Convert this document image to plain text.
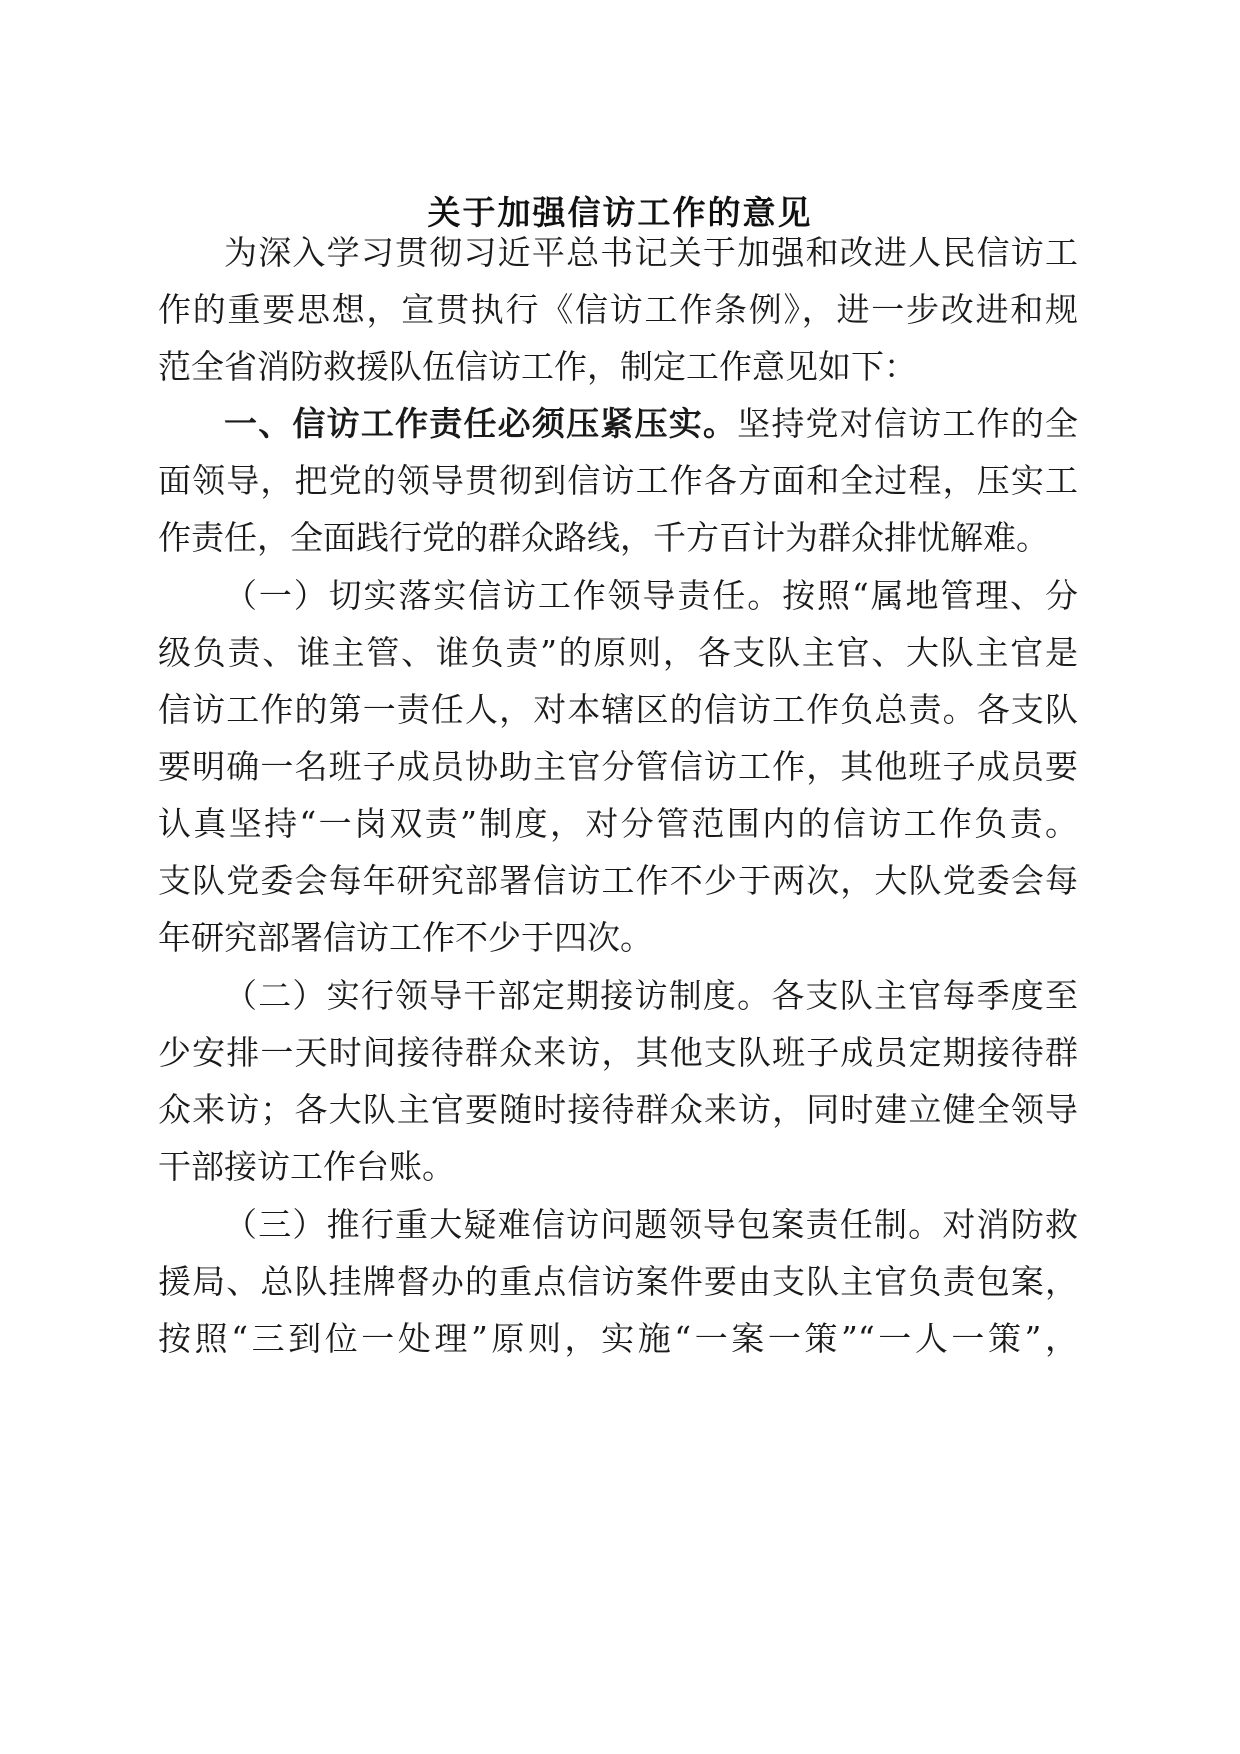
关于加强信访工作的意见
为深入学习贯彻习近平总书记关于加强和改进人民信访工
作的重要思想，宣贯执行《信访工作条例》，进一步改进和规
范全省消防救援队伍信访工作，制定工作意见如下：
一、信访工作责任必须压紧压实。坚持党对信访工作的全
面领导，把党的领导贯彻到信访工作各方面和全过程，压实工
作责任，全面践行党的群众路线，千方百计为群众排忧解难。
（一）切实落实信访工作领导责任。按照“属地管理、分
级负责、谁主管、谁负责”的原则，各支队主官、大队主官是
信访工作的第一责任人，对本辖区的信访工作负总责。各支队
要明确一名班子成员协助主官分管信访工作，其他班子成员要
认真坚持“一岗双责”制度，对分管范围内的信访工作负责。
支队党委会每年研究部署信访工作不少于两次，大队党委会每
年研究部署信访工作不少于四次。
（二）实行领导干部定期接访制度。各支队主官每季度至
少安排一天时间接待群众来访，其他支队班子成员定期接待群
众来访；各大队主官要随时接待群众来访，同时建立健全领导
干部接访工作台账。
（三）推行重大疑难信访问题领导包案责任制。对消防救
援局、总队挂牌督办的重点信访案件要由支队主官负责包案，
按照“三到位一处理”原则，实施“一案一策”“一人一策”，
